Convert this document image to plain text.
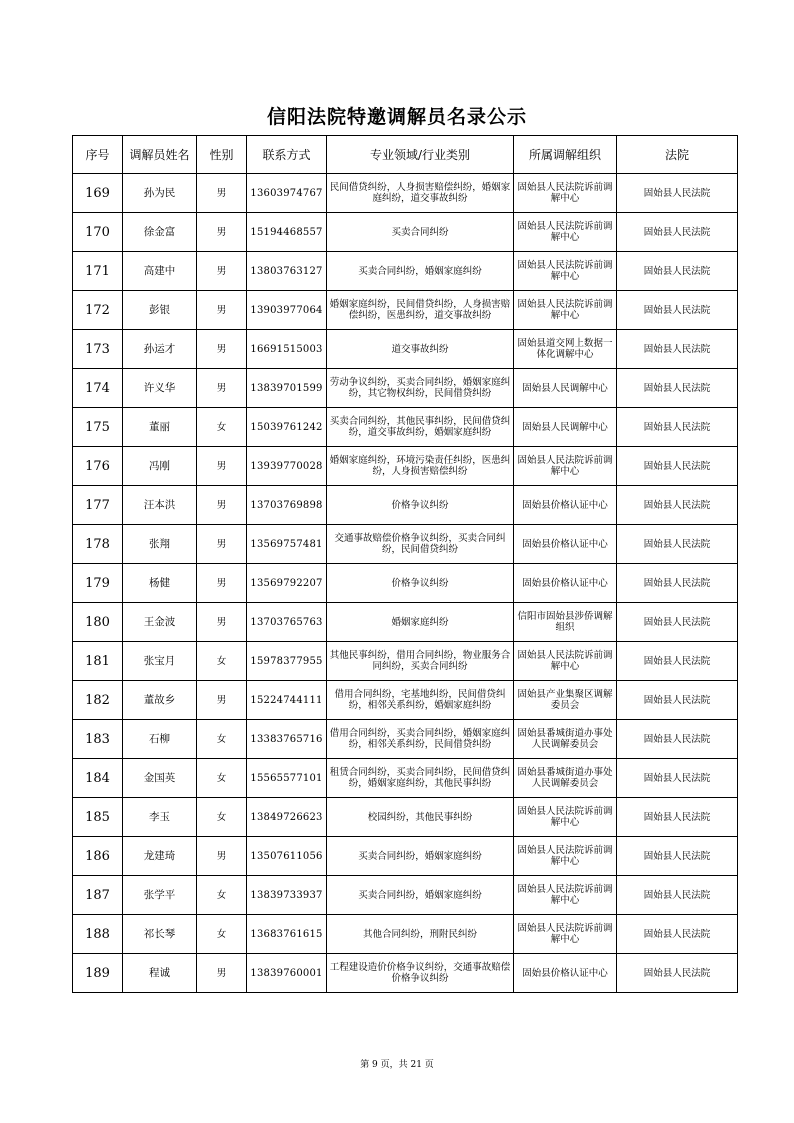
信阳法院特邀调解员名录公示
序号	调解员姓名	性别	联系方式	专业领域/行业类别	所属调解组织	法院
169	孙为民	男	13603974767	民间借贷纠纷，人身损害赔偿纠纷，婚姻家庭纠纷，道交事故纠纷	固始县人民法院诉前调解中心	固始县人民法院
170	徐金富	男	15194468557	买卖合同纠纷	固始县人民法院诉前调解中心	固始县人民法院
171	高建中	男	13803763127	买卖合同纠纷，婚姻家庭纠纷	固始县人民法院诉前调解中心	固始县人民法院
172	彭银	男	13903977064	婚姻家庭纠纷，民间借贷纠纷，人身损害赔偿纠纷，医患纠纷，道交事故纠纷	固始县人民法院诉前调解中心	固始县人民法院
173	孙运才	男	16691515003	道交事故纠纷	固始县道交网上数据一体化调解中心	固始县人民法院
174	许义华	男	13839701599	劳动争议纠纷，买卖合同纠纷，婚姻家庭纠纷，其它物权纠纷，民间借贷纠纷	固始县人民调解中心	固始县人民法院
175	董丽	女	15039761242	买卖合同纠纷，其他民事纠纷，民间借贷纠纷，道交事故纠纷，婚姻家庭纠纷	固始县人民调解中心	固始县人民法院
176	冯刚	男	13939770028	婚姻家庭纠纷，环境污染责任纠纷，医患纠纷，人身损害赔偿纠纷	固始县人民法院诉前调解中心	固始县人民法院
177	汪本洪	男	13703769898	价格争议纠纷	固始县价格认证中心	固始县人民法院
178	张翔	男	13569757481	交通事故赔偿价格争议纠纷，买卖合同纠纷，民间借贷纠纷	固始县价格认证中心	固始县人民法院
179	杨健	男	13569792207	价格争议纠纷	固始县价格认证中心	固始县人民法院
180	王金波	男	13703765763	婚姻家庭纠纷	信阳市固始县涉侨调解组织	固始县人民法院
181	张宝月	女	15978377955	其他民事纠纷，借用合同纠纷，物业服务合同纠纷，买卖合同纠纷	固始县人民法院诉前调解中心	固始县人民法院
182	董故乡	男	15224744111	借用合同纠纷，宅基地纠纷，民间借贷纠纷，相邻关系纠纷，婚姻家庭纠纷	固始县产业集聚区调解委员会	固始县人民法院
183	石柳	女	13383765716	借用合同纠纷，买卖合同纠纷，婚姻家庭纠纷，相邻关系纠纷，民间借贷纠纷	固始县番城街道办事处人民调解委员会	固始县人民法院
184	金国英	女	15565577101	租赁合同纠纷，买卖合同纠纷，民间借贷纠纷，婚姻家庭纠纷，其他民事纠纷	固始县番城街道办事处人民调解委员会	固始县人民法院
185	李玉	女	13849726623	校园纠纷，其他民事纠纷	固始县人民法院诉前调解中心	固始县人民法院
186	龙建琦	男	13507611056	买卖合同纠纷，婚姻家庭纠纷	固始县人民法院诉前调解中心	固始县人民法院
187	张学平	女	13839733937	买卖合同纠纷，婚姻家庭纠纷	固始县人民法院诉前调解中心	固始县人民法院
188	祁长琴	女	13683761615	其他合同纠纷，刑附民纠纷	固始县人民法院诉前调解中心	固始县人民法院
189	程诚	男	13839760001	工程建设造价价格争议纠纷，交通事故赔偿价格争议纠纷	固始县价格认证中心	固始县人民法院
第 9 页，共 21 页
